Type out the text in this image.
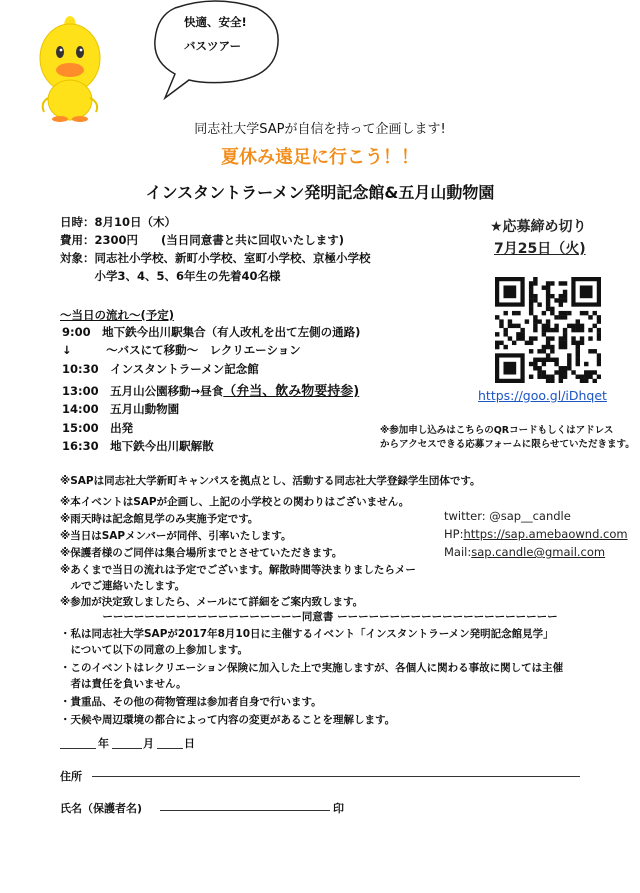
快適、安全!
バスツアー
同志社大学SAPが自信を持って企画します!
夏休み遠足に行こう！！
インスタントラーメン発明記念館&五月山動物園
日時：8月10日（木）
費用：2300円　　(当日同意書と共に回収いたします)
対象：同志社小学校、新町小学校、室町小学校、京極小学校
　　　小学3、4、5、6年生の先着40名様
★応募締め切り
7月25日（火)
https://goo.gl/iDhqet
※参加申し込みはこちらのQRコードもしくはアドレス
からアクセスできる応募フォームに限らせていただきます。
〜当日の流れ〜(予定)
9:00　 地下鉄今出川駅集合（有人改札を出て左側の通路)
↓　　　	〜バスにて移動〜　レクリエーション
10:30　 インスタントラーメン記念館
13:00　 五月山公園移動→昼食（弁当、飲み物要持参)
14:00　 五月山動物園
15:00　 出発
16:30　 地下鉄今出川駅解散
※SAPは同志社大学新町キャンパスを拠点とし、活動する同志社大学登録学生団体です。
※本イベントはSAPが企画し、上記の小学校との関わりはございません。
※雨天時は記念館見学のみ実施予定です。
※当日はSAPメンバーが同伴、引率いたします。
※保護者様のご同伴は集合場所までとさせていただきます。
※あくまで当日の流れは予定でございます。解散時間等決まりましたらメー
　ルでご連絡いたします。
※参加が決定致しましたら、メールにて詳細をご案内致します。
twitter: @sap__candle
HP:https://sap.amebaownd.com
Mail:sap.candle@gmail.com
ーーーーーーーーーーーーーーーーーーー同意書 ーーーーーーーーーーーーーーーーーーーーー
・私は同志社大学SAPが2017年8月10日に主催するイベント「インスタントラーメン発明記念館見学」
　について以下の同意の上参加します。
・このイベントはレクリエーション保険に加入した上で実施しますが、各個人に関わる事故に関しては主催
　者は責任を負いません。
・貴重品、その他の荷物管理は参加者自身で行います。
・天候や周辺環境の都合によって内容の変更があることを理解します。
年	月	日
住所
氏名（保護者名)	印
